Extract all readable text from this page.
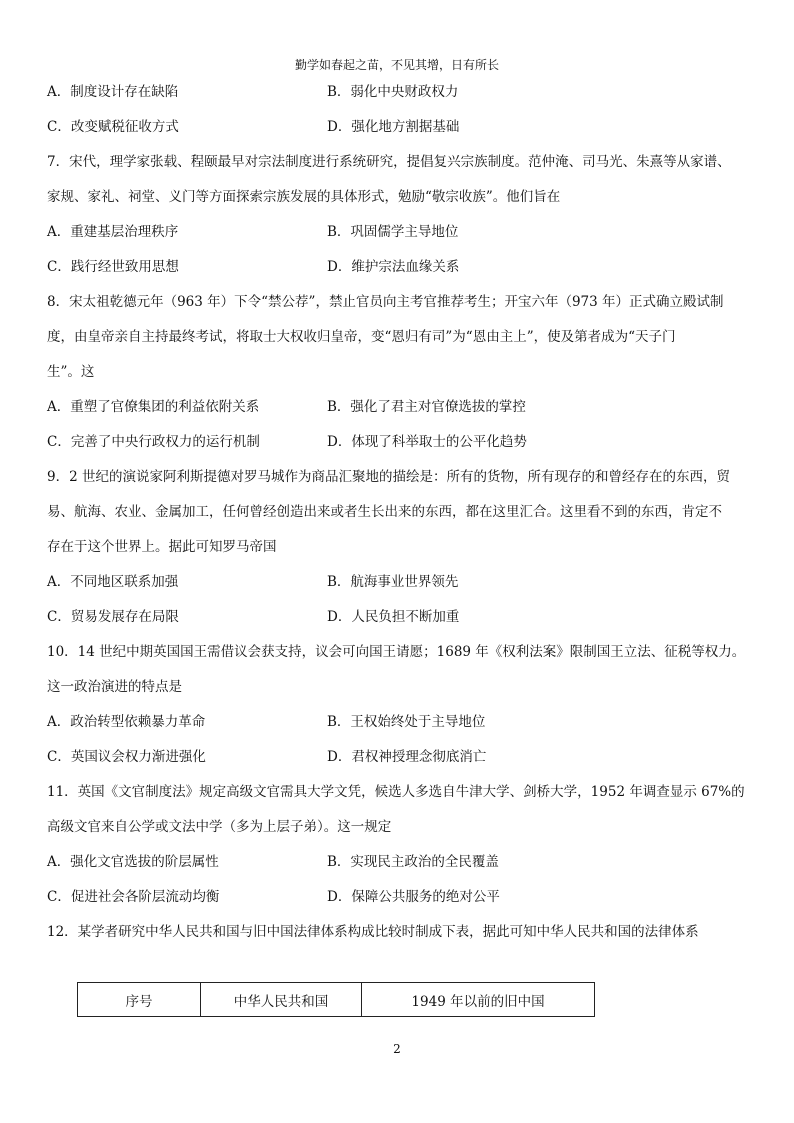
勤学如春起之苗，不见其增，日有所长
A．制度设计存在缺陷	B．弱化中央财政权力
C．改变赋税征收方式	D．强化地方割据基础
7．宋代，理学家张载、程颐最早对宗法制度进行系统研究，提倡复兴宗族制度。范仲淹、司马光、朱熹等从家谱、
家规、家礼、祠堂、义门等方面探索宗族发展的具体形式，勉励“敬宗收族”。他们旨在
A．重建基层治理秩序	B．巩固儒学主导地位
C．践行经世致用思想	D．维护宗法血缘关系
8．宋太祖乾德元年（963 年）下令“禁公荐”，禁止官员向主考官推荐考生；开宝六年（973 年）正式确立殿试制
度，由皇帝亲自主持最终考试，将取士大权收归皇帝，变“恩归有司”为“恩由主上”，使及第者成为“天子门
生”。这
A．重塑了官僚集团的利益依附关系	B．强化了君主对官僚选拔的掌控
C．完善了中央行政权力的运行机制	D．体现了科举取士的公平化趋势
9．2 世纪的演说家阿利斯提德对罗马城作为商品汇聚地的描绘是：所有的货物，所有现存的和曾经存在的东西，贸
易、航海、农业、金属加工，任何曾经创造出来或者生长出来的东西，都在这里汇合。这里看不到的东西，肯定不
存在于这个世界上。据此可知罗马帝国
A．不同地区联系加强	B．航海事业世界领先
C．贸易发展存在局限	D．人民负担不断加重
10．14 世纪中期英国国王需借议会获支持，议会可向国王请愿；1689 年《权利法案》限制国王立法、征税等权力。
这一政治演进的特点是
A．政治转型依赖暴力革命	B．王权始终处于主导地位
C．英国议会权力渐进强化	D．君权神授理念彻底消亡
11．英国《文官制度法》规定高级文官需具大学文凭，候选人多选自牛津大学、剑桥大学，1952 年调查显示 67%的
高级文官来自公学或文法中学（多为上层子弟）。这一规定
A．强化文官选拔的阶层属性	B．实现民主政治的全民覆盖
C．促进社会各阶层流动均衡	D．保障公共服务的绝对公平
12．某学者研究中华人民共和国与旧中国法律体系构成比较时制成下表，据此可知中华人民共和国的法律体系
序号	中华人民共和国	1949 年以前的旧中国
2
